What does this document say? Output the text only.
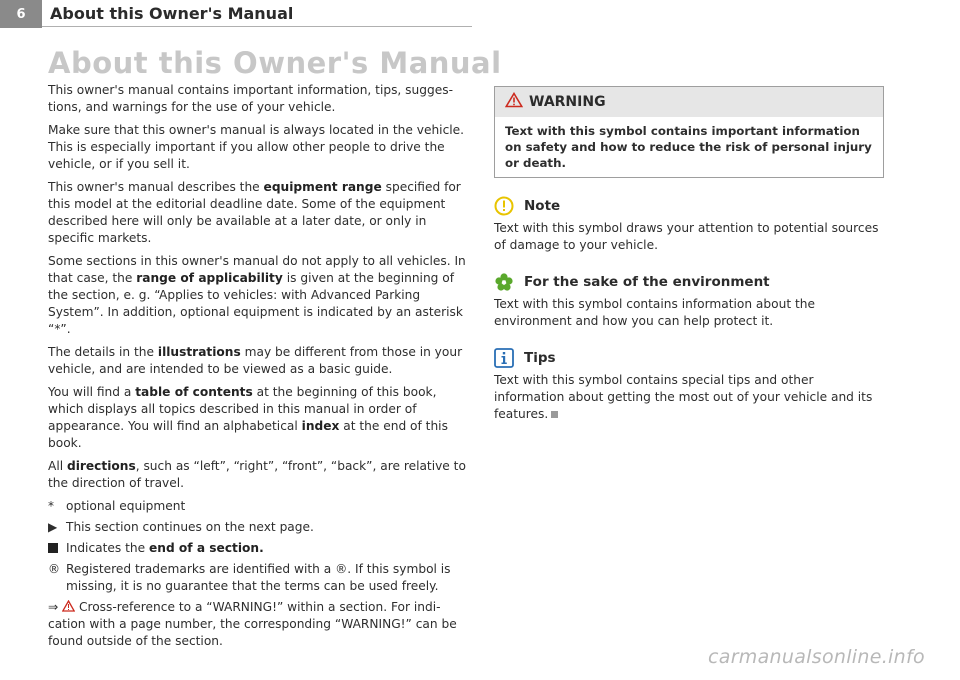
6	About this Owner's Manual
About this Owner's Manual

This owner's manual contains important information, tips, suggestions, and warnings for the use of your vehicle.

Make sure that this owner's manual is always located in the vehicle. This is especially important if you allow other people to drive the vehicle, or if you sell it.

This owner's manual describes the equipment range specified for this model at the editorial deadline date. Some of the equipment described here will only be available at a later date, or only in specific markets.

Some sections in this owner's manual do not apply to all vehicles. In that case, the range of applicability is given at the beginning of the section, e. g. “Applies to vehicles: with Advanced Parking System”. In addition, optional equipment is indicated by an asterisk “*”.

The details in the illustrations may be different from those in your vehicle, and are intended to be viewed as a basic guide.

You will find a table of contents at the beginning of this book, which displays all topics described in this manual in order of appearance. You will find an alphabetical index at the end of this book.

All directions, such as “left”, “right”, “front”, “back”, are relative to the direction of travel.

* optional equipment
▶ This section continues on the next page.
Indicates the end of a section.
® Registered trademarks are identified with a ®. If this symbol is missing, it is no guarantee that the terms can be used freely.

⇒ Cross-reference to a “WARNING!” within a section. For indication with a page number, the corresponding “WARNING!” can be found outside of the section.

WARNING
Text with this symbol contains important information on safety and how to reduce the risk of personal injury or death.
Note
Text with this symbol draws your attention to potential sources of damage to your vehicle.
For the sake of the environment
Text with this symbol contains information about the environment and how you can help protect it.
Tips
Text with this symbol contains special tips and other information about getting the most out of your vehicle and its features.
carmanualsonline.info
